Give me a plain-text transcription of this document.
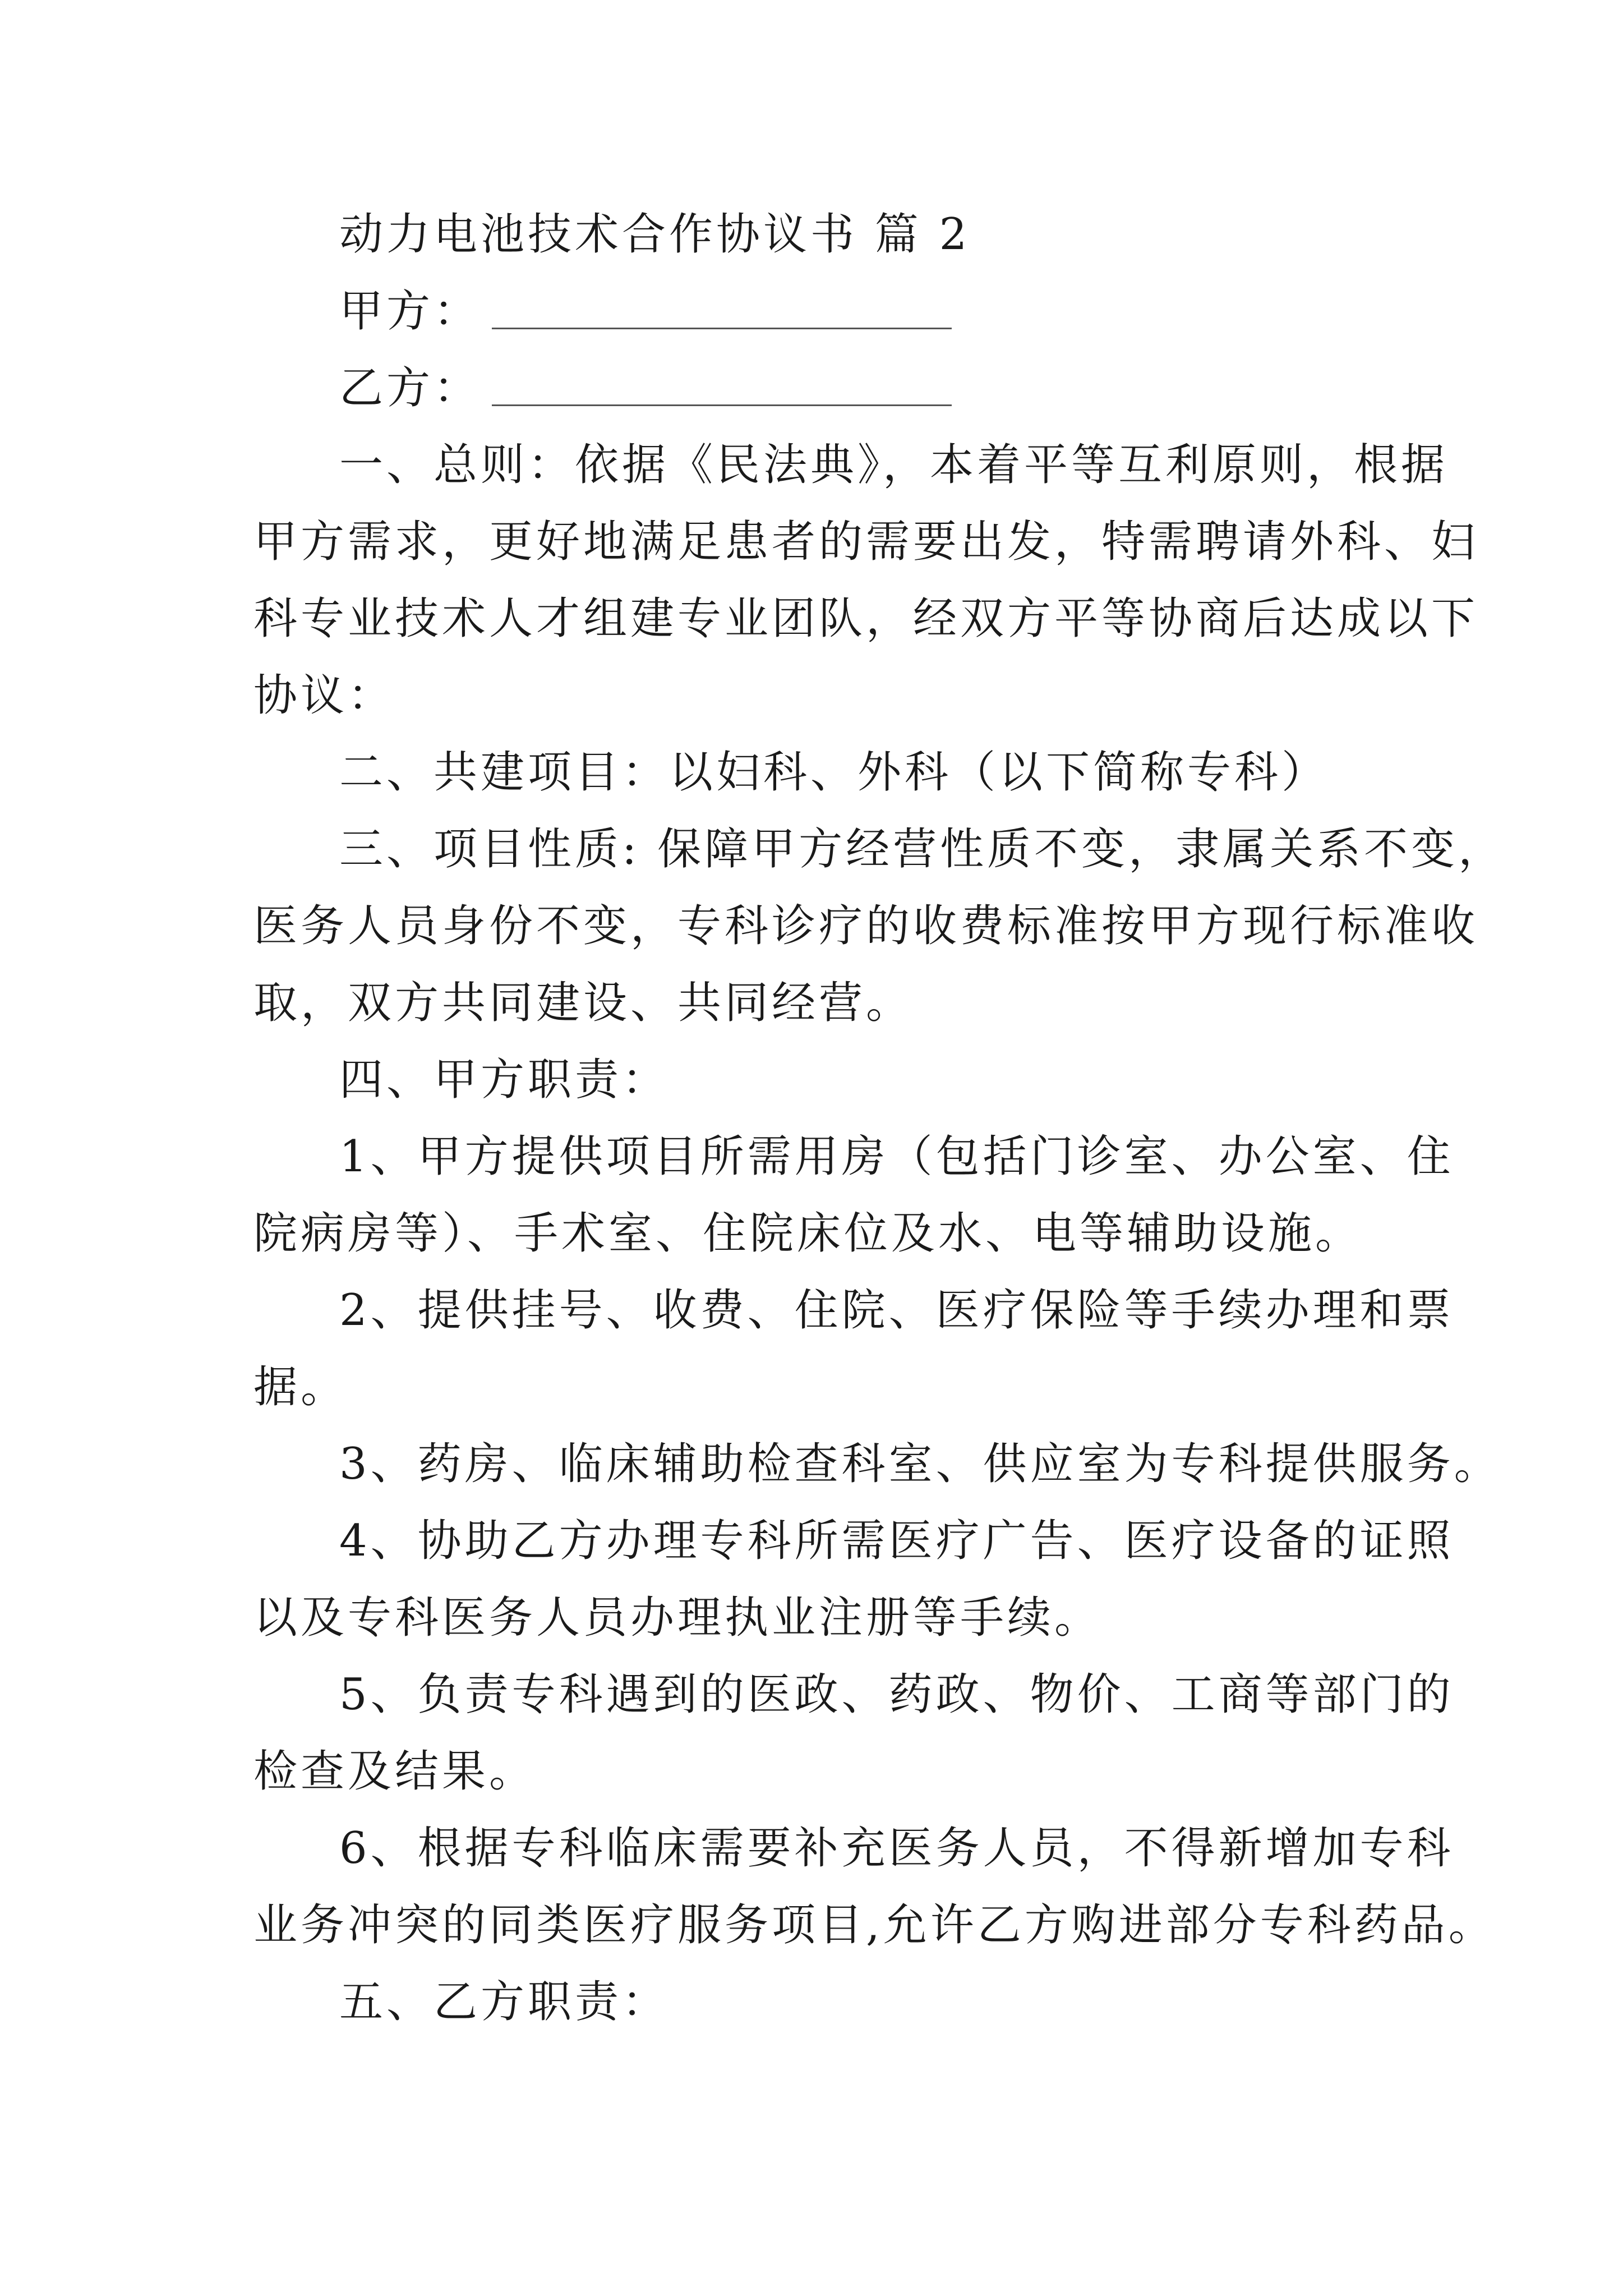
动力电池技术合作协议书 篇 2
甲方：
乙方：
一、总则：依据《民法典》，本着平等互利原则，根据
甲方需求，更好地满足患者的需要出发，特需聘请外科、妇
科专业技术人才组建专业团队，经双方平等协商后达成以下
协议：
二、共建项目：以妇科、外科（以下简称专科）
三、项目性质: 保障甲方经营性质不变，隶属关系不变，
医务人员身份不变，专科诊疗的收费标准按甲方现行标准收
取，双方共同建设、共同经营。
四、甲方职责：
1、甲方提供项目所需用房（包括门诊室、办公室、住
院病房等）、手术室、住院床位及水、电等辅助设施。
2、提供挂号、收费、住院、医疗保险等手续办理和票
据。
3、药房、临床辅助检查科室、供应室为专科提供服务。
4、协助乙方办理专科所需医疗广告、医疗设备的证照
以及专科医务人员办理执业注册等手续。
5、负责专科遇到的医政、药政、物价、工商等部门的
检查及结果。
6、根据专科临床需要补充医务人员，不得新增加专科
业务冲突的同类医疗服务项目,允许乙方购进部分专科药品。
五、乙方职责：
